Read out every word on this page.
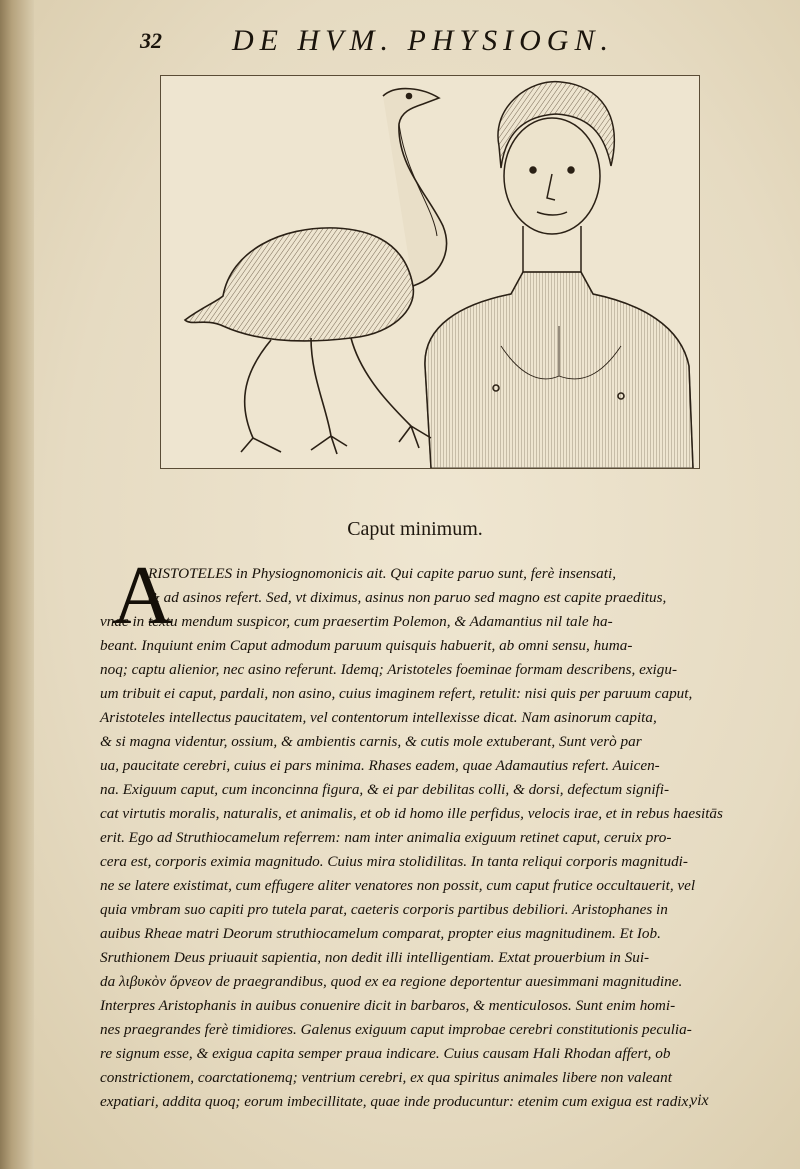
32 DE HVM. PHYSIOGN.
Caput minimum.
A
RISTOTELES in Physiognomonicis ait. Qui capite paruo sunt, ferè insensati,
& ad asinos refert. Sed, vt diximus, asinus non paruo sed magno est capite praeditus,
vnde in textu mendum suspicor, cum praesertim Polemon, & Adamantius nil tale ha-
beant. Inquiunt enim Caput admodum paruum quisquis habuerit, ab omni sensu, huma-
noq; captu alienior, nec asino referunt. Idemq; Aristoteles foeminae formam describens, exigu-
um tribuit ei caput, pardali, non asino, cuius imaginem refert, retulit: nisi quis per paruum caput,
Aristoteles intellectus paucitatem, vel contentorum intellexisse dicat. Nam asinorum capita,
& si magna videntur, ossium, & ambientis carnis, & cutis mole extuberant, Sunt verò par
ua, paucitate cerebri, cuius ei pars minima. Rhases eadem, quae Adamautius refert. Auicen-
na. Exiguum caput, cum inconcinna figura, & ei par debilitas colli, & dorsi, defectum signifi-
cat virtutis moralis, naturalis, et animalis, et ob id homo ille perfidus, velocis irae, et in rebus haesitās
erit. Ego ad Struthiocamelum referrem: nam inter animalia exiguum retinet caput, ceruix pro-
cera est, corporis eximia magnitudo. Cuius mira stolidilitas. In tanta reliqui corporis magnitudi-
ne se latere existimat, cum effugere aliter venatores non possit, cum caput frutice occultauerit, vel
quia vmbram suo capiti pro tutela parat, caeteris corporis partibus debiliori. Aristophanes in
auibus Rheae matri Deorum struthiocamelum comparat, propter eius magnitudinem. Et Iob.
Sruthionem Deus priuauit sapientia, non dedit illi intelligentiam. Extat prouerbium in Sui-
da λιβυκὸν ὄρνεον de praegrandibus, quod ex ea regione deportentur auesimmani magnitudine.
Interpres Aristophanis in auibus conuenire dicit in barbaros, & menticulosos. Sunt enim homi-
nes praegrandes ferè timidiores. Galenus exiguum caput improbae cerebri constitutionis peculia-
re signum esse, & exigua capita semper praua indicare. Cuius causam Hali Rhodan affert, ob
constrictionem, coarctationemq; ventrium cerebri, ex qua spiritus animales libere non valeant
expatiari, addita quoq; eorum imbecillitate, quae inde producuntur: etenim cum exigua est radix,
vix
